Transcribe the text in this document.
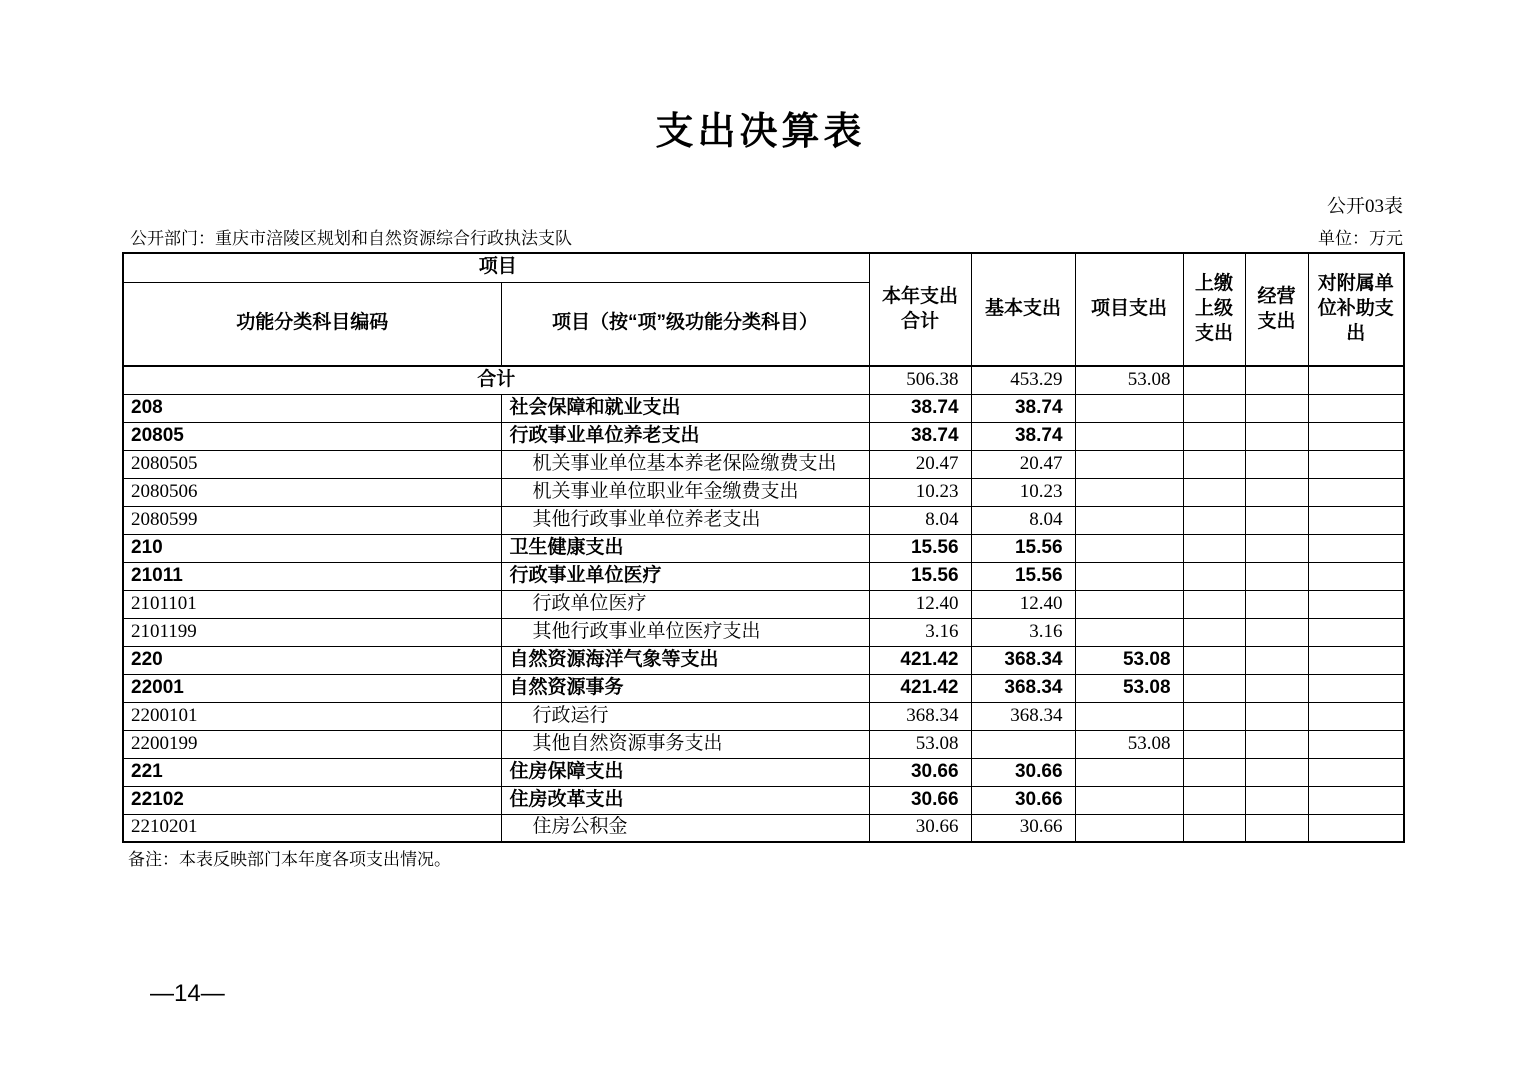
支出决算表
公开03表
公开部门：重庆市涪陵区规划和自然资源综合行政执法支队	单位：万元
项目		本年支出合计	基本支出	项目支出	上缴上级支出	经营支出	对附属单位补助支出
功能分类科目编码	项目（按“项”级功能分类科目）						
合计		506.38	453.29	53.08			
208	社会保障和就业支出	38.74	38.74				
20805	行政事业单位养老支出	38.74	38.74				
2080505	机关事业单位基本养老保险缴费支出	20.47	20.47				
2080506	机关事业单位职业年金缴费支出	10.23	10.23				
2080599	其他行政事业单位养老支出	8.04	8.04				
210	卫生健康支出	15.56	15.56				
21011	行政事业单位医疗	15.56	15.56				
2101101	行政单位医疗	12.40	12.40				
2101199	其他行政事业单位医疗支出	3.16	3.16				
220	自然资源海洋气象等支出	421.42	368.34	53.08			
22001	自然资源事务	421.42	368.34	53.08			
2200101	行政运行	368.34	368.34				
2200199	其他自然资源事务支出	53.08		53.08			
221	住房保障支出	30.66	30.66				
22102	住房改革支出	30.66	30.66				
2210201	住房公积金	30.66	30.66				
备注：本表反映部门本年度各项支出情况。
—14—
